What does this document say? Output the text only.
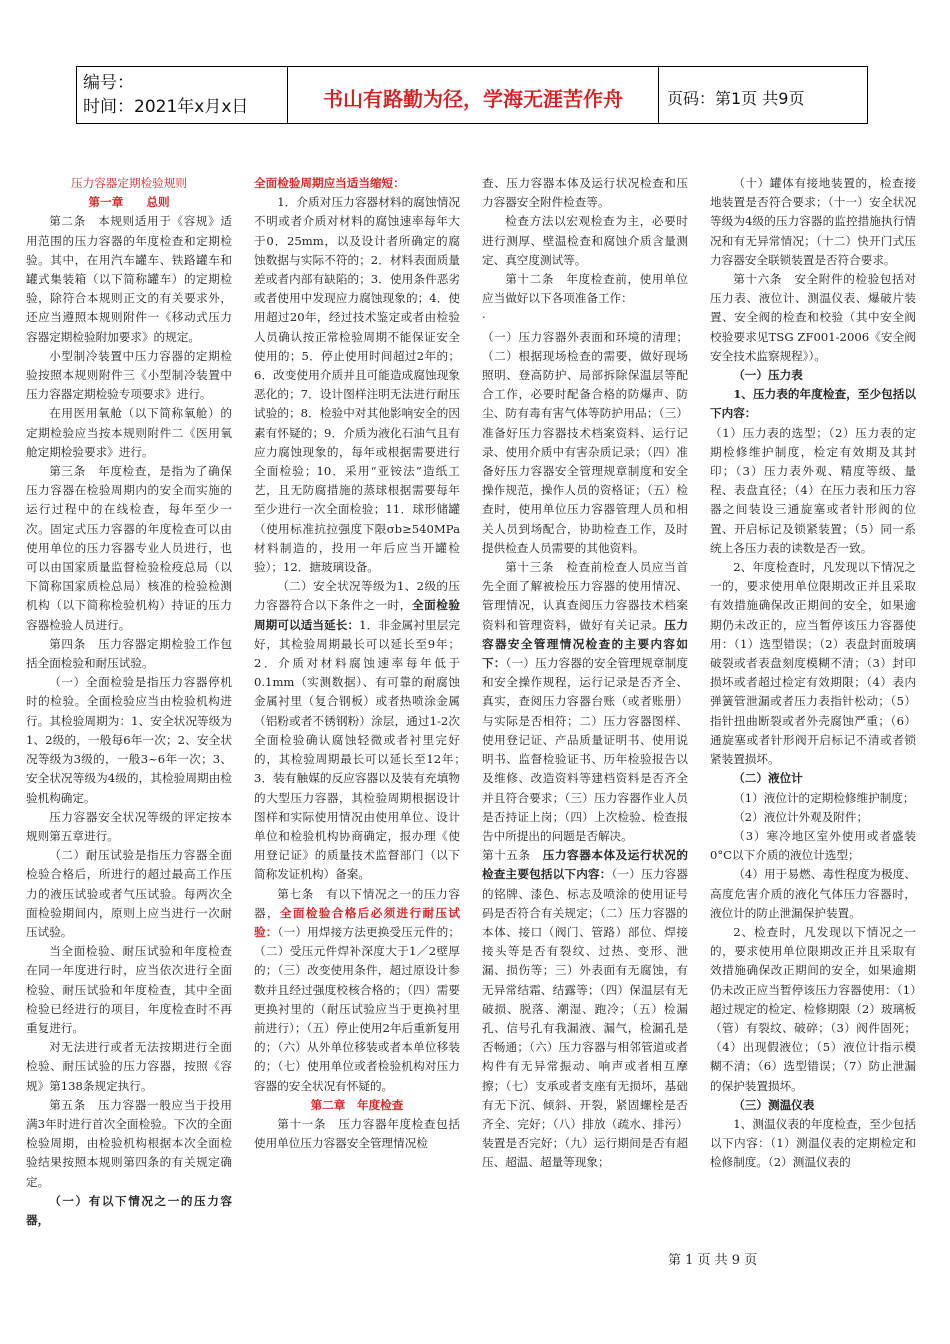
编号：
时间：2021年x月x日	书山有路勤为径，学海无涯苦作舟	页码：第1页 共9页

压力容器定期检验规则

第一章　　总则

第二条　本规则适用于《容规》适用范围的压力容器的年度检查和定期检验。其中，在用汽车罐车、铁路罐车和罐式集装箱（以下简称罐车）的定期检验，除符合本规则正文的有关要求外，还应当遵照本规则附件一《移动式压力容器定期检验附加要求》的规定。

小型制冷装置中压力容器的定期检验按照本规则附件三《小型制冷装置中压力容器定期检验专项要求》进行。

在用医用氧舱（以下简称氧舱）的定期检验应当按本规则附件二《医用氧舱定期检验要求》进行。

第三条　年度检查，是指为了确保压力容器在检验周期内的安全而实施的运行过程中的在线检查，每年至少一次。固定式压力容器的年度检查可以由使用单位的压力容器专业人员进行，也可以由国家质量监督检验检疫总局（以下简称国家质检总局）核准的检验检测机构（以下简称检验机构）持证的压力容器检验人员进行。

第四条　压力容器定期检验工作包括全面检验和耐压试验。

（一）全面检验是指压力容器停机时的检验。全面检验应当由检验机构进行。其检验周期为：1、安全状况等级为1、2级的，一般每6年一次；2、安全状况等级为3级的，一般3~6年一次；3、安全状况等级为4级的，其检验周期由检验机构确定。

压力容器安全状况等级的评定按本规则第五章进行。

（二）耐压试验是指压力容器全面检验合格后，所进行的超过最高工作压力的液压试验或者气压试验。每两次全面检验期间内，原则上应当进行一次耐压试验。

当全面检验、耐压试验和年度检查在同一年度进行时，应当依次进行全面检验、耐压试验和年度检查，其中全面检验已经进行的项目，年度检查时不再重复进行。

对无法进行或者无法按期进行全面检验、耐压试验的压力容器，按照《容规》第138条规定执行。

第五条　压力容器一般应当于投用满3年时进行首次全面检验。下次的全面检验周期，由检验机构根据本次全面检验结果按照本规则第四条的有关规定确定。

（一）有以下情况之一的压力容器，

全面检验周期应当适当缩短：

1．介质对压力容器材料的腐蚀情况不明或者介质对材料的腐蚀速率每年大于0．25mm，以及设计者所确定的腐蚀数据与实际不符的；2．材料表面质量差或者内部有缺陷的；3．使用条件恶劣或者使用中发现应力腐蚀现象的；4．使用超过20年，经过技术鉴定或者由检验人员确认按正常检验周期不能保证安全使用的；5．停止使用时间超过2年的；6．改变使用介质并且可能造成腐蚀现象恶化的；7．设计图样注明无法进行耐压试验的；8．检验中对其他影响安全的因素有怀疑的；9．介质为液化石油气且有应力腐蚀现象的，每年或根据需要进行全面检验；10．采用“亚铵法”造纸工艺，且无防腐措施的蒸球根据需要每年至少进行一次全面检验；11．球形储罐（使用标准抗拉强度下限σb≥540MPa材料制造的，投用一年后应当开罐检验）；12．搪玻璃设备。

（二）安全状况等级为1、2级的压力容器符合以下条件之一时，全面检验周期可以适当延长：1．非金属衬里层完好，其检验周期最长可以延长至9年；2．介质对材料腐蚀速率每年低于0.1mm（实测数据）、有可靠的耐腐蚀金属衬里（复合钢板）或者热喷涂金属（铝粉或者不锈钢粉）涂层，通过1-2次全面检验确认腐蚀轻微或者衬里完好的，其检验周期最长可以延长至12年；　3．装有触媒的反应容器以及装有充填物的大型压力容器，其检验周期根据设计图样和实际使用情况由使用单位、设计单位和检验机构协商确定，报办理《使用登记证》的质量技术监督部门（以下简称发证机构）备案。

第七条　有以下情况之一的压力容器，全面检验合格后必须进行耐压试验：（一）用焊接方法更换受压元件的；（二）受压元件焊补深度大于1／2壁厚的；（三）改变使用条件，超过原设计参数并且经过强度校核合格的；（四）需要更换衬里的（耐压试验应当于更换衬里前进行）；（五）停止使用2年后重新复用的；（六）从外单位移装或者本单位移装的；（七）使用单位或者检验机构对压力容器的安全状况有怀疑的。

第二章　年度检查

第十一条　压力容器年度检查包括使用单位压力容器安全管理情况检

查、压力容器本体及运行状况检查和压力容器安全附件检查等。

检查方法以宏观检查为主，必要时进行测厚、壁温检查和腐蚀介质含量测定、真空度测试等。

第十二条　年度检查前，使用单位应当做好以下各项准备工作：

·

（一）压力容器外表面和环境的清理；（二）根据现场检查的需要，做好现场照明、登高防护、局部拆除保温层等配合工作，必要时配备合格的防爆声、防尘、防有毒有害气体等防护用品；（三）准备好压力容器技术档案资料、运行记录、使用介质中有害杂质记录；（四）准备好压力容器安全管理规章制度和安全操作规范，操作人员的资格证；（五）检查时，使用单位压力容器管理人员和相关人员到场配合，协助检查工作，及时提供检查人员需要的其他资料。

第十三条　检查前检查人员应当首先全面了解被检压力容器的使用情况、管理情况，认真查阅压力容器技术档案资料和管理资料，做好有关记录。压力容器安全管理情况检查的主要内容如下：（一）压力容器的安全管理规章制度和安全操作规程，运行记录是否齐全、真实，查阅压力容器台账（或者账册）与实际是否相符；二）压力容器图样、使用登记证、产品质量证明书、使用说明书、监督检验证书、历年检验报告以及维修、改造资料等建档资料是否齐全并且符合要求；（三）压力容器作业人员是否持证上岗；（四）上次检验、检查报告中所提出的问题是否解决。

第十五条　压力容器本体及运行状况的检查主要包括以下内容：（一）压力容器的铭牌、漆色、标志及喷涂的使用证号码是否符合有关规定；（二）压力容器的本体、接口（阀门、管路）部位、焊接接头等是否有裂纹、过热、变形、泄漏、损伤等；三）外表面有无腐蚀，有无异常结霜、结露等；（四）保温层有无破损、脱落、潮湿、跑冷；（五）检漏孔、信号孔有我漏液、漏气，检漏孔是否畅通；（六）压力容器与相邻管道或者构件有无异常振动、响声或者相互摩擦；（七）支承或者支座有无损坏，基础有无下沉、倾斜、开裂，紧固螺栓是否齐全、完好；（八）排放（疏水、排污）装置是否完好；（九）运行期间是否有超压、超温、超量等现象；

（十）罐体有接地装置的，检查接地装置是否符合要求；（十一）安全状况等级为4级的压力容器的监控措施执行情况和有无异常情况；（十二）快开门式压力容器安全联锁装置是否符合要求。

第十六条　安全附件的检验包括对压力表、液位计、测温仪表、爆破片装置、安全阀的检查和校验（其中安全阀校验要求见TSG ZF001-2006《安全阀安全技术监察规程》）。

（一）压力表

1、压力表的年度检查，至少包括以下内容：

（1）压力表的选型；（2）压力表的定期检修维护制度，检定有效期及其封印；（3）压力表外观、精度等级、量程、表盘直径；（4）在压力表和压力容器之间装设三通旋塞或者针形阀的位置、开启标记及锁紧装置；（5）同一系统上各压力表的读数是否一致。

2、年度检查时，凡发现以下情况之一的，要求使用单位限期改正并且采取有效措施确保改正期间的安全，如果逾期仍未改正的，应当暂停该压力容器使用：（1）选型错误；（2）表盘封面玻璃破裂或者表盘刻度模糊不清；（3）封印损坏或者超过检定有效期限；（4）表内弹簧管泄漏或者压力表指针松动；（5）指针扭曲断裂或者外壳腐蚀严重；（6）通旋塞或者针形阀开启标记不清或者锁紧装置损坏。

（二）液位计

（1）液位计的定期检修维护制度；

（2）液位计外观及附件；

（3）寒冷地区室外使用或者盛装0°C以下介质的液位计选型；

（4）用于易燃、毒性程度为极度、高度危害介质的液化气体压力容器时，液位计的防止泄漏保护装置。

2、检查时，凡发现以下情况之一的，要求使用单位限期改正并且采取有效措施确保改正期间的安全，如果逾期仍未改正应当暂停该压力容器使用：（1）超过规定的检定、检修期限（2）玻璃板（管）有裂纹、破碎；（3）阀件固死；（4）出现假液位；（5）液位计指示模糊不清；（6）选型错误；（7）防止泄漏的保护装置损坏。

（三）测温仪表

1、测温仪表的年度检查，至少包括以下内容：（1）测温仪表的定期检定和检修制度。（2）测温仪表的

第 1 页 共 9 页
